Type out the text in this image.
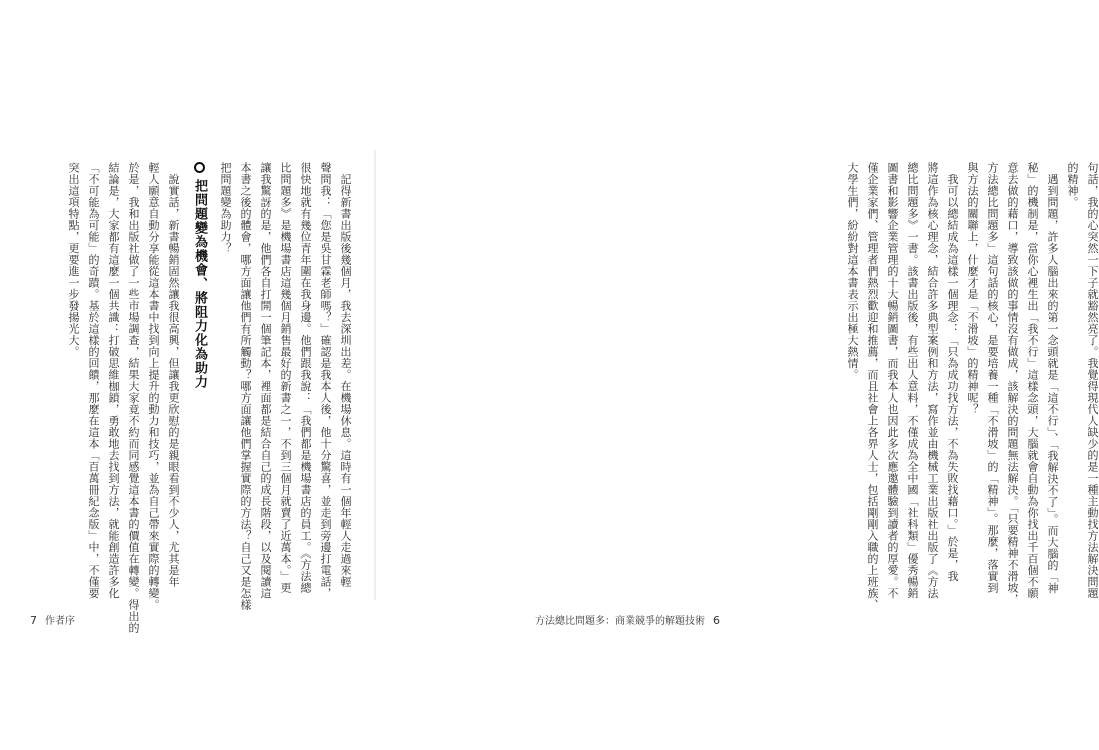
句話，我的心突然一下子就豁然亮了。我覺得現代人缺少的是一種主動找方法解決問題
的精神。
　遇到問題，許多人腦出來的第一念頭就是「這不行」、「我解決不了」。而大腦的「神
秘」的機制是，當你心裡生出「我不行」這樣念頭，大腦就會自動為你找出千百個不願
意去做的藉口，導致該做的事情沒有做成，該解決的問題無法解決。「只要精神不滑坡，
方法總比問題多」這句話的核心，是要培養一種「不滑坡」的「精神」。那麼，落實到
與方法的關聯上，什麼才是「不滑坡」的精神呢？
　我可以總結成為這樣一個理念：「只為成功找方法，不為失敗找藉口。」於是，我
將這作為核心理念，結合許多典型案例和方法，寫作並由機械工業出版社出版了《方法
總比問題多》一書。該書出版後，有些出人意料，不僅成為全中國「社科類」優秀暢銷
圖書和影響企業管理的十大暢銷圖書，而我本人也因此多次應邀體驗到讀者的厚愛。不
僅企業家們、管理者們熱烈歡迎和推薦，而且社會上各界人士，包括剛剛入職的上班族、
大學生們，紛紛對這本書表示出極大熱情。
方法總比問題多：商業競爭的解題技術 6
　記得新書出版後幾個月，我去深圳出差。在機場休息。這時有一個年輕人走過來輕
聲問我：「您是吳甘霖老師嗎？」確認是我本人後，他十分驚喜，並走到旁邊打電話，
很快地就有幾位青年圍在我身邊。他們跟我說：「我們都是機場書店的員工。《方法總
比問題多》是機場書店這幾個月銷售最好的新書之一，不到三個月就賣了近萬本。」更
讓我驚訝的是，他們各自打開一個筆記本，裡面都是結合自己的成長階段，以及閱讀這
本書之後的體會，哪方面讓他們有所觸動？哪方面讓他們掌握實際的方法？自己又是怎樣
把問題變為助力？
把問題變為機會、將阻力化為助力
　說實話，新書暢銷固然讓我很高興，但讓我更欣慰的是親眼看到不少人，尤其是年
輕人願意自動分享能從這本書中找到向上提升的動力和技巧，並為自己帶來實際的轉變。
於是，我和出版社做了一些市場調查，結果大家竟不約而同感覺這本書的價值在轉變。得出的
結論是，大家都有這麼一個共識：打破思維枷鎖，勇敢地去找到方法，就能創造許多化
「不可能為可能」的奇蹟。基於這樣的回饋，那麼在這本「百萬冊紀念版」中，不僅要
突出這項特點，更要進一步發揚光大。
7 作者序
